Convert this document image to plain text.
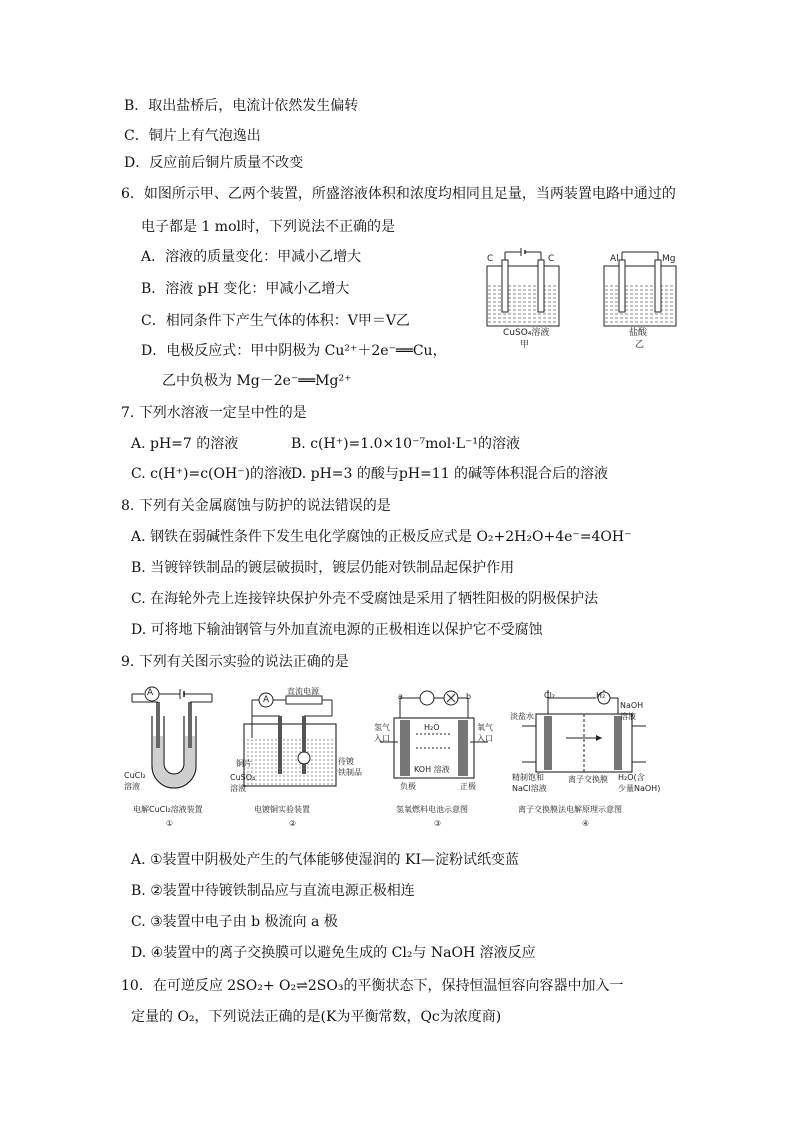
B．取出盐桥后，电流计依然发生偏转
C．铜片上有气泡逸出
D．反应前后铜片质量不改变
6．如图所示甲、乙两个装置，所盛溶液体积和浓度均相同且足量，当两装置电路中通过的
电子都是 1 mol时，下列说法不正确的是
A．溶液的质量变化：甲减小乙增大
B．溶液 pH 变化：甲减小乙增大
C．相同条件下产生气体的体积：V甲＝V乙
D．电极反应式：甲中阴极为 Cu²⁺＋2e⁻══Cu，
乙中负极为 Mg－2e⁻══Mg²⁺
C	C
CuSO₄溶液
甲
Al	Mg
盐酸
乙
7. 下列水溶液一定呈中性的是
A. pH=7 的溶液	B. c(H⁺)=1.0×10⁻⁷mol·L⁻¹的溶液
C. c(H⁺)=c(OH⁻)的溶液
D. pH=3 的酸与pH=11 的碱等体积混合后的溶液
8. 下列有关金属腐蚀与防护的说法错误的是
A. 钢铁在弱碱性条件下发生电化学腐蚀的正极反应式是 O₂+2H₂O+4e⁻=4OH⁻
B. 当镀锌铁制品的镀层破损时，镀层仍能对铁制品起保护作用
C. 在海轮外壳上连接锌块保护外壳不受腐蚀是采用了牺牲阳极的阴极保护法
D. 可将地下输油钢管与外加直流电源的正极相连以保护它不受腐蚀
9. 下列有关图示实验的说法正确的是
A
CuCl₂
溶液
电解CuCl₂溶液装置
①
A
直流电源
铜片
CuSO₄
溶液
待镀
铁制品
电镀铜实验装置
②
a	b
氢气
入口
氧气
入口
H₂O
KOH 溶液
负极	正极
氢氧燃料电池示意图
③
Cl₂	H₂
NaOH
溶液
淡盐水
精制饱和
NaCl溶液
离子交换膜 H₂O(含
少量NaOH)
离子交换膜法电解原理示意图
④
A. ①装置中阴极处产生的气体能够使湿润的 KI—淀粉试纸变蓝
B. ②装置中待镀铁制品应与直流电源正极相连
C. ③装置中电子由 b 极流向 a 极
D. ④装置中的离子交换膜可以避免生成的 Cl₂与 NaOH 溶液反应
10．在可逆反应 2SO₂+ O₂⇌2SO₃的平衡状态下，保持恒温恒容向容器中加入一
定量的 O₂，下列说法正确的是(K为平衡常数，Qc为浓度商)
